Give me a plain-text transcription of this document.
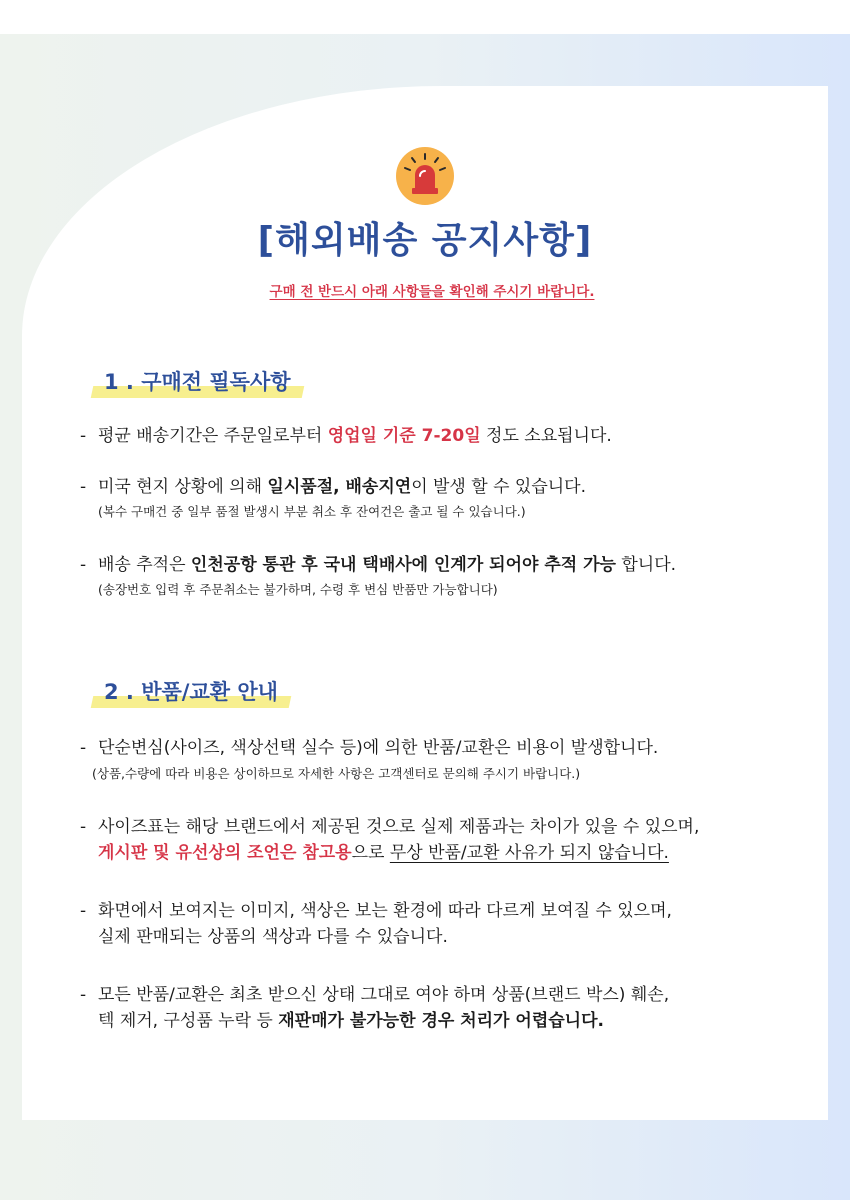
[해외배송 공지사항]
구매 전 반드시 아래 사항들을 확인해 주시기 바랍니다.
1 . 구매전 필독사항
- 평균 배송기간은 주문일로부터 영업일 기준 7-20일 정도 소요됩니다.
- 미국 현지 상황에 의해 일시품절, 배송지연이 발생 할 수 있습니다.
(복수 구매건 중 일부 품절 발생시 부분 취소 후 잔여건은 출고 될 수 있습니다.)
- 배송 추적은 인천공항 통관 후 국내 택배사에 인계가 되어야 추적 가능 합니다.
(송장번호 입력 후 주문취소는 불가하며, 수령 후 변심 반품만 가능합니다)
2 . 반품/교환 안내
- 단순변심(사이즈, 색상선택 실수 등)에 의한 반품/교환은 비용이 발생합니다.
(상품,수량에 따라 비용은 상이하므로 자세한 사항은 고객센터로 문의해 주시기 바랍니다.)
- 사이즈표는 해당 브랜드에서 제공된 것으로 실제 제품과는 차이가 있을 수 있으며,
게시판 및 유선상의 조언은 참고용으로 무상 반품/교환 사유가 되지 않습니다.
- 화면에서 보여지는 이미지, 색상은 보는 환경에 따라 다르게 보여질 수 있으며,
실제 판매되는 상품의 색상과 다를 수 있습니다.
- 모든 반품/교환은 최초 받으신 상태 그대로 여야 하며 상품(브랜드 박스) 훼손,
텍 제거, 구성품 누락 등 재판매가 불가능한 경우 처리가 어렵습니다.
